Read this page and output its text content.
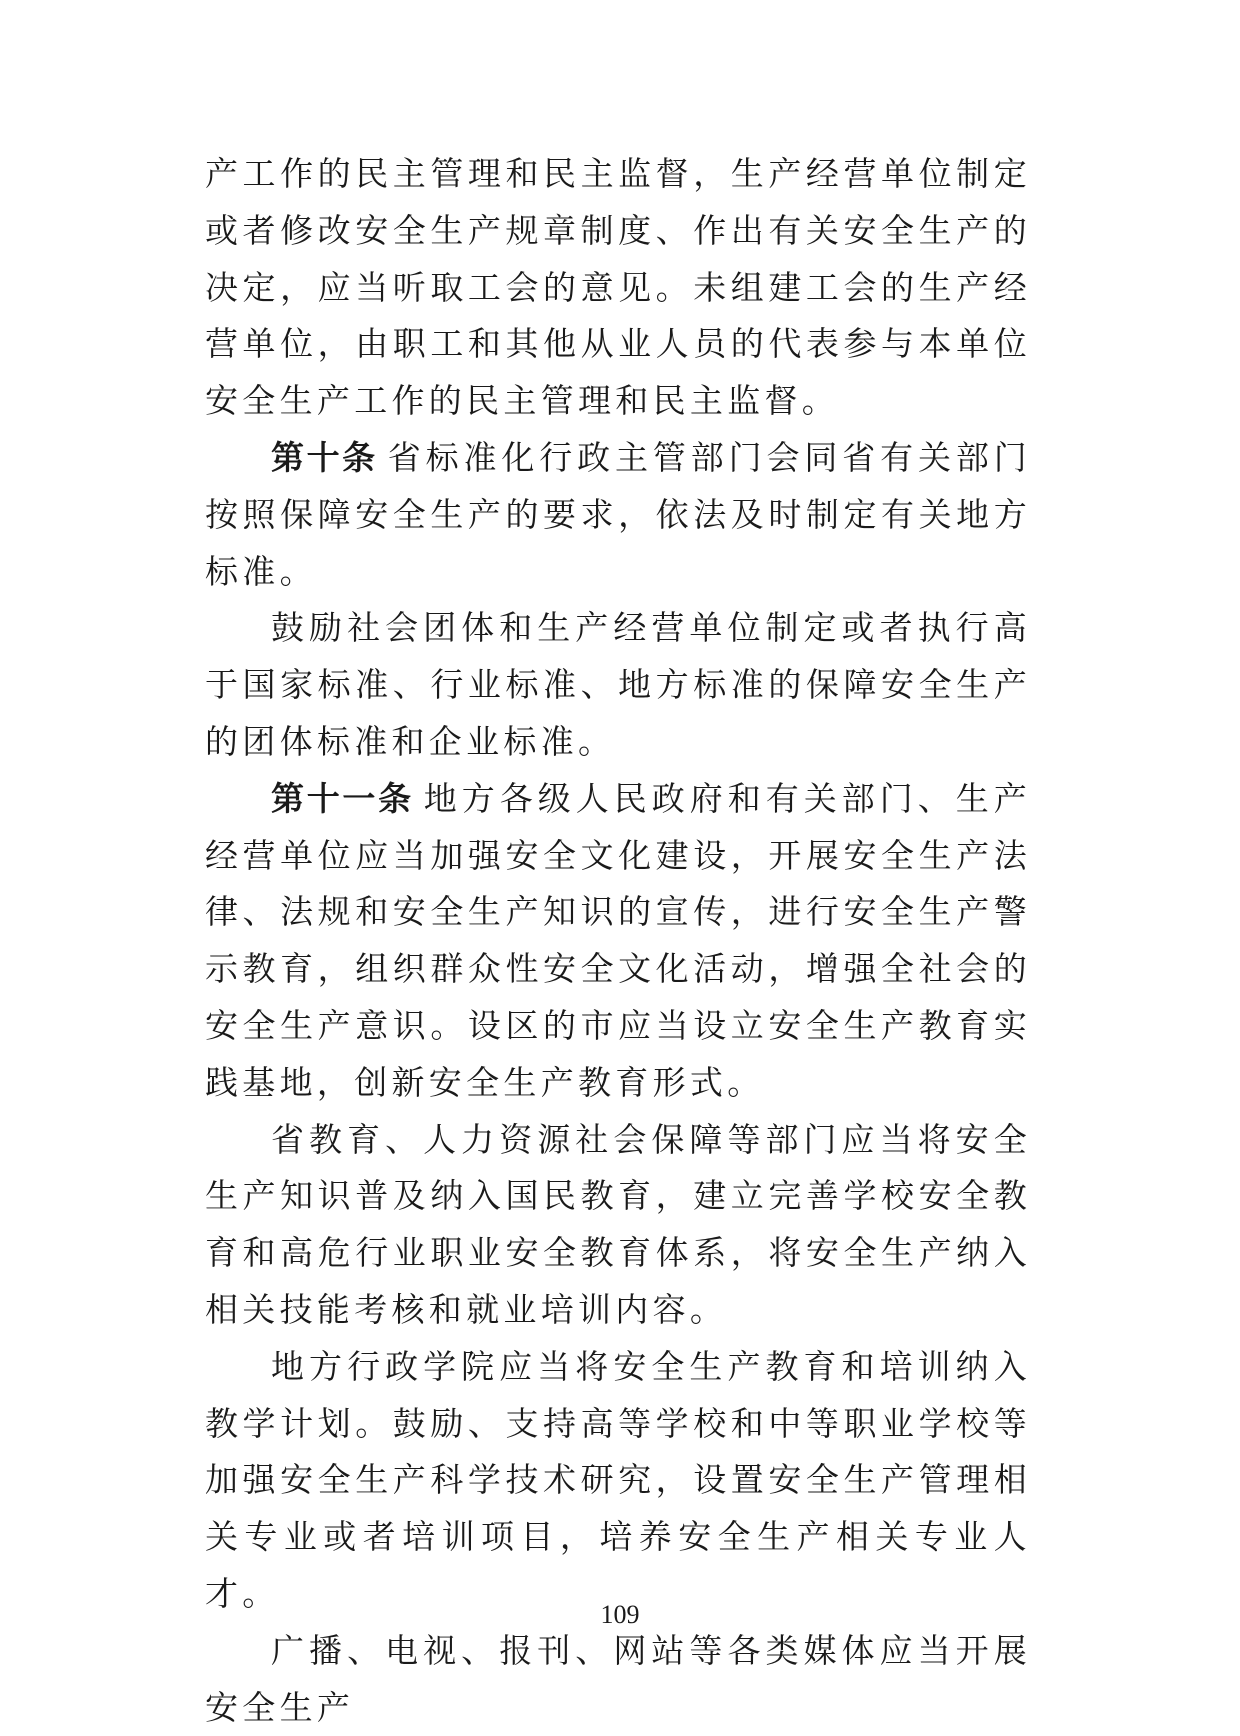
产工作的民主管理和民主监督，生产经营单位制定或者修改安全生产规章制度、作出有关安全生产的决定，应当听取工会的意见。未组建工会的生产经营单位，由职工和其他从业人员的代表参与本单位安全生产工作的民主管理和民主监督。

第十条 省标准化行政主管部门会同省有关部门按照保障安全生产的要求，依法及时制定有关地方标准。

鼓励社会团体和生产经营单位制定或者执行高于国家标准、行业标准、地方标准的保障安全生产的团体标准和企业标准。

第十一条 地方各级人民政府和有关部门、生产经营单位应当加强安全文化建设，开展安全生产法律、法规和安全生产知识的宣传，进行安全生产警示教育，组织群众性安全文化活动，增强全社会的安全生产意识。设区的市应当设立安全生产教育实践基地，创新安全生产教育形式。

省教育、人力资源社会保障等部门应当将安全生产知识普及纳入国民教育，建立完善学校安全教育和高危行业职业安全教育体系，将安全生产纳入相关技能考核和就业培训内容。

地方行政学院应当将安全生产教育和培训纳入教学计划。鼓励、支持高等学校和中等职业学校等加强安全生产科学技术研究，设置安全生产管理相关专业或者培训项目，培养安全生产相关专业人才。

广播、电视、报刊、网站等各类媒体应当开展安全生产

109
